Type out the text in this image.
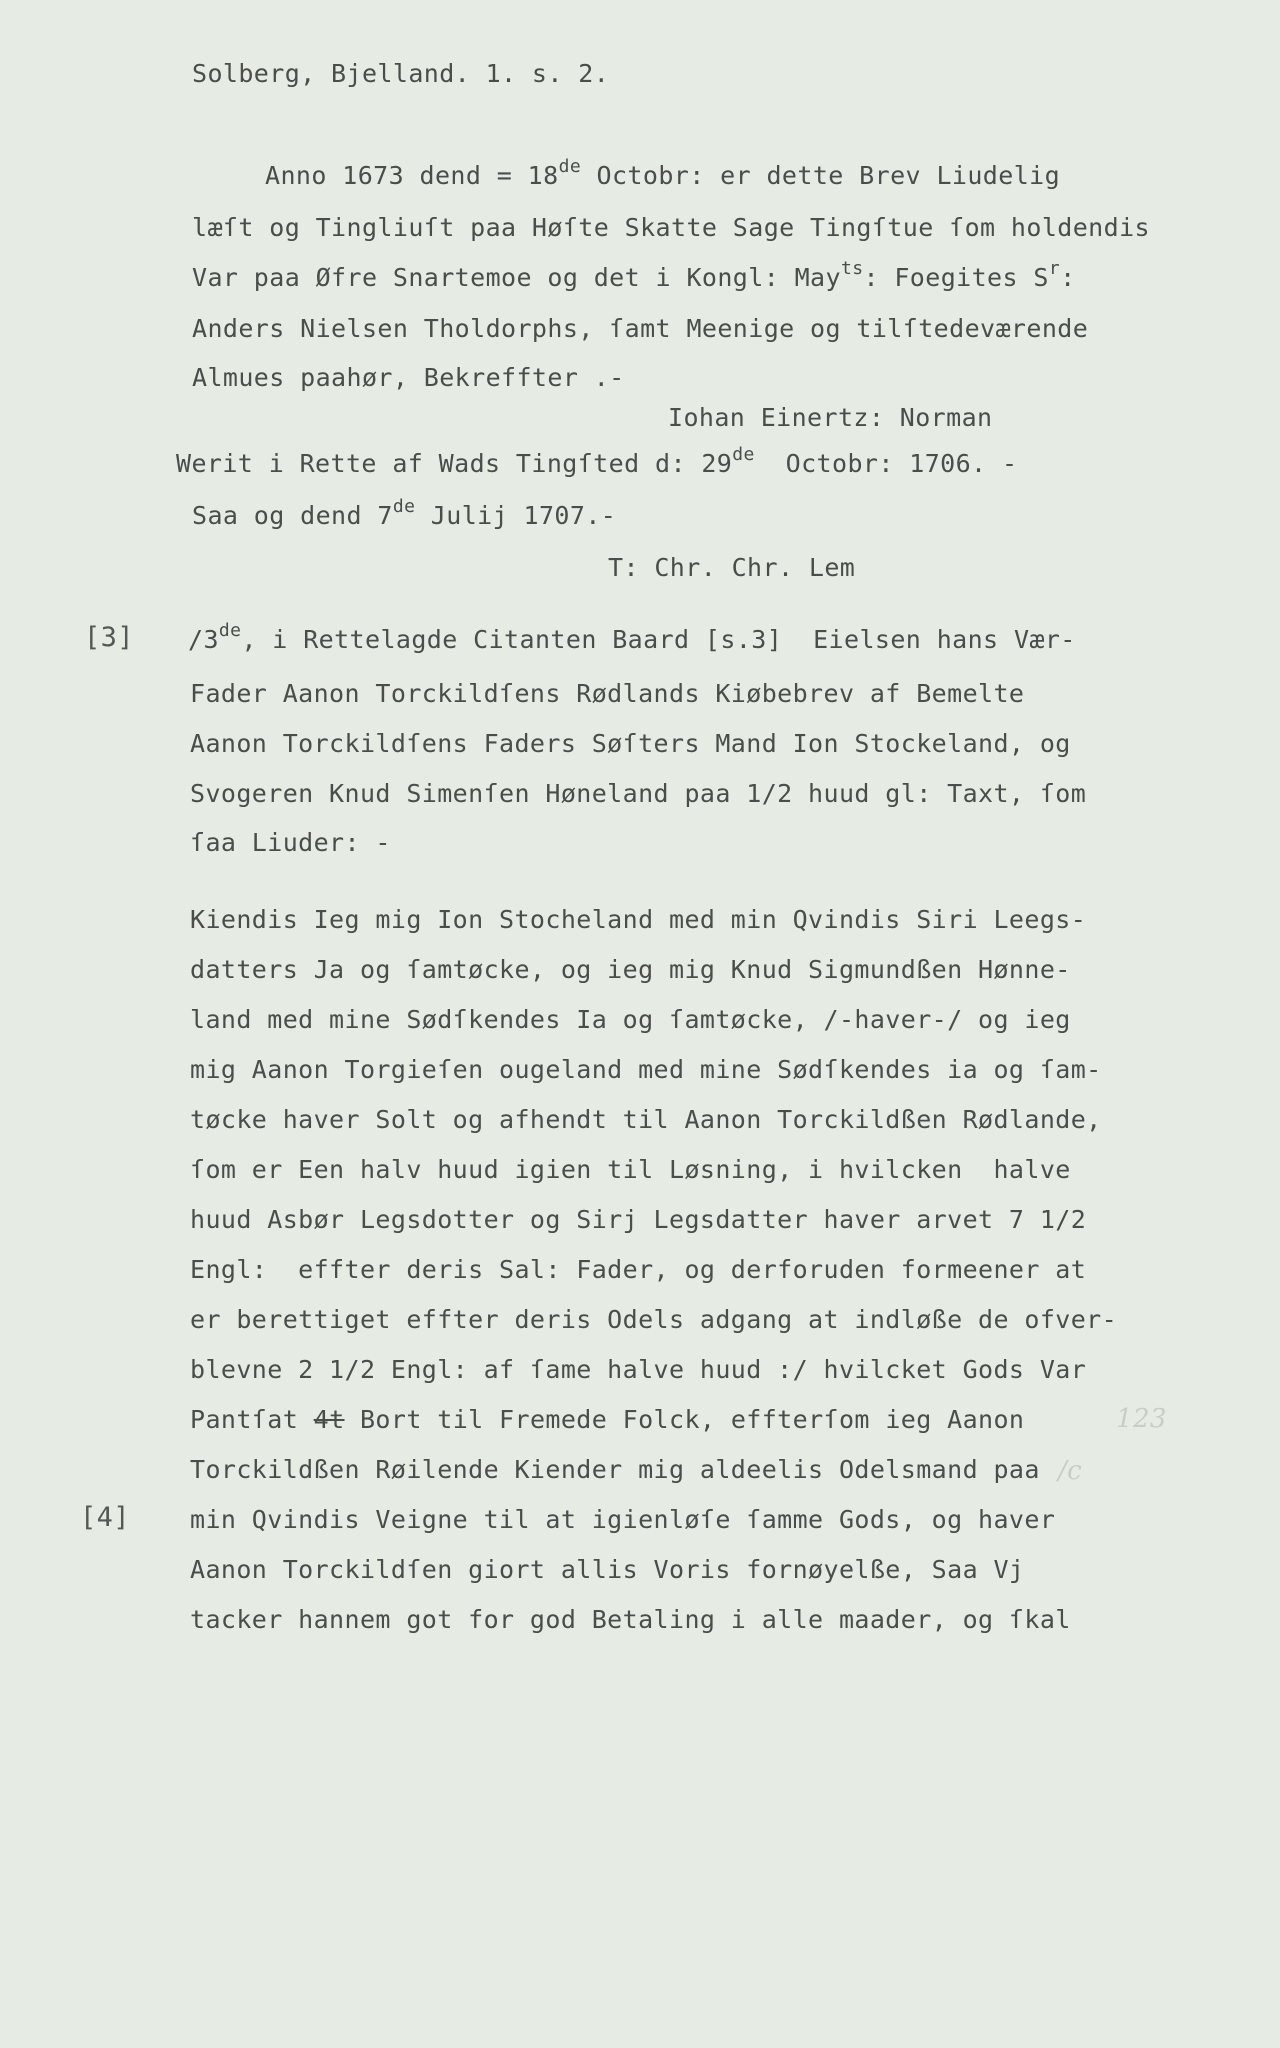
Solberg, Bjelland. 1. s. 2.
Anno 1673 dend = 18de Octobr: er dette Brev Liudelig
læſt og Tingliuſt paa Høſte Skatte Sage Tingſtue ſom holdendis
Var paa Øfre Snartemoe og det i Kongl: May$^{ts}$: Foegites $S^r$:
Anders Nielsen Tholdorphs, ſamt Meenige og tilſtedeværende
Almues paahør, Bekreffter .-
Iohan Einertz: Norman
Werit i Rette af Wads Tingſted d: 29de  Octobr: 1706. -
Saa og dend 7de Julij 1707.-
T: Chr. Chr. Lem
[3] /3de, i Rettelagde Citanten Baard [s.3]  Eielsen hans Vær-
Fader Aanon Torckildſens Rødlands Kiøbebrev af Bemelte
Aanon Torckildſens Faders Søſters Mand Ion Stockeland, og
Svogeren Knud Simenſen Høneland paa 1/2 huud gl: Taxt, ſom
ſaa Liuder: -
Kiendis Ieg mig Ion Stocheland med min Qvindis Siri Leegs-
datters Ja og ſamtøcke, og ieg mig Knud Sigmundßen Hønne-
land med mine Sødſkendes Ia og ſamtøcke, /-haver-/ og ieg
mig Aanon Torgieſen ougeland med mine Sødſkendes ia og ſam-
tøcke haver Solt og afhendt til Aanon Torckildßen Rødlande,
ſom er Een halv huud igien til Løsning, i hvilcken  halve
huud Asbør Legsdotter og Sirj Legsdatter haver arvet 7 1/2
Engl:  effter deris Sal: Fader, og derforuden formeener at
er berettiget effter deris Odels adgang at indløße de ofver-
blevne 2 1/2 Engl: af ſame halve huud :/ hvilcket Gods Var
Pantſat 4t Bort til Fremede Folck, effterſom ieg Aanon
Torckildßen Røilende Kiender mig aldeelis Odelsmand paa
[4] min Qvindis Veigne til at igienløſe ſamme Gods, og haver
Aanon Torckildſen giort allis Voris fornøyelße, Saa Vj
tacker hannem got for god Betaling i alle maader, og ſkal
123
/c
